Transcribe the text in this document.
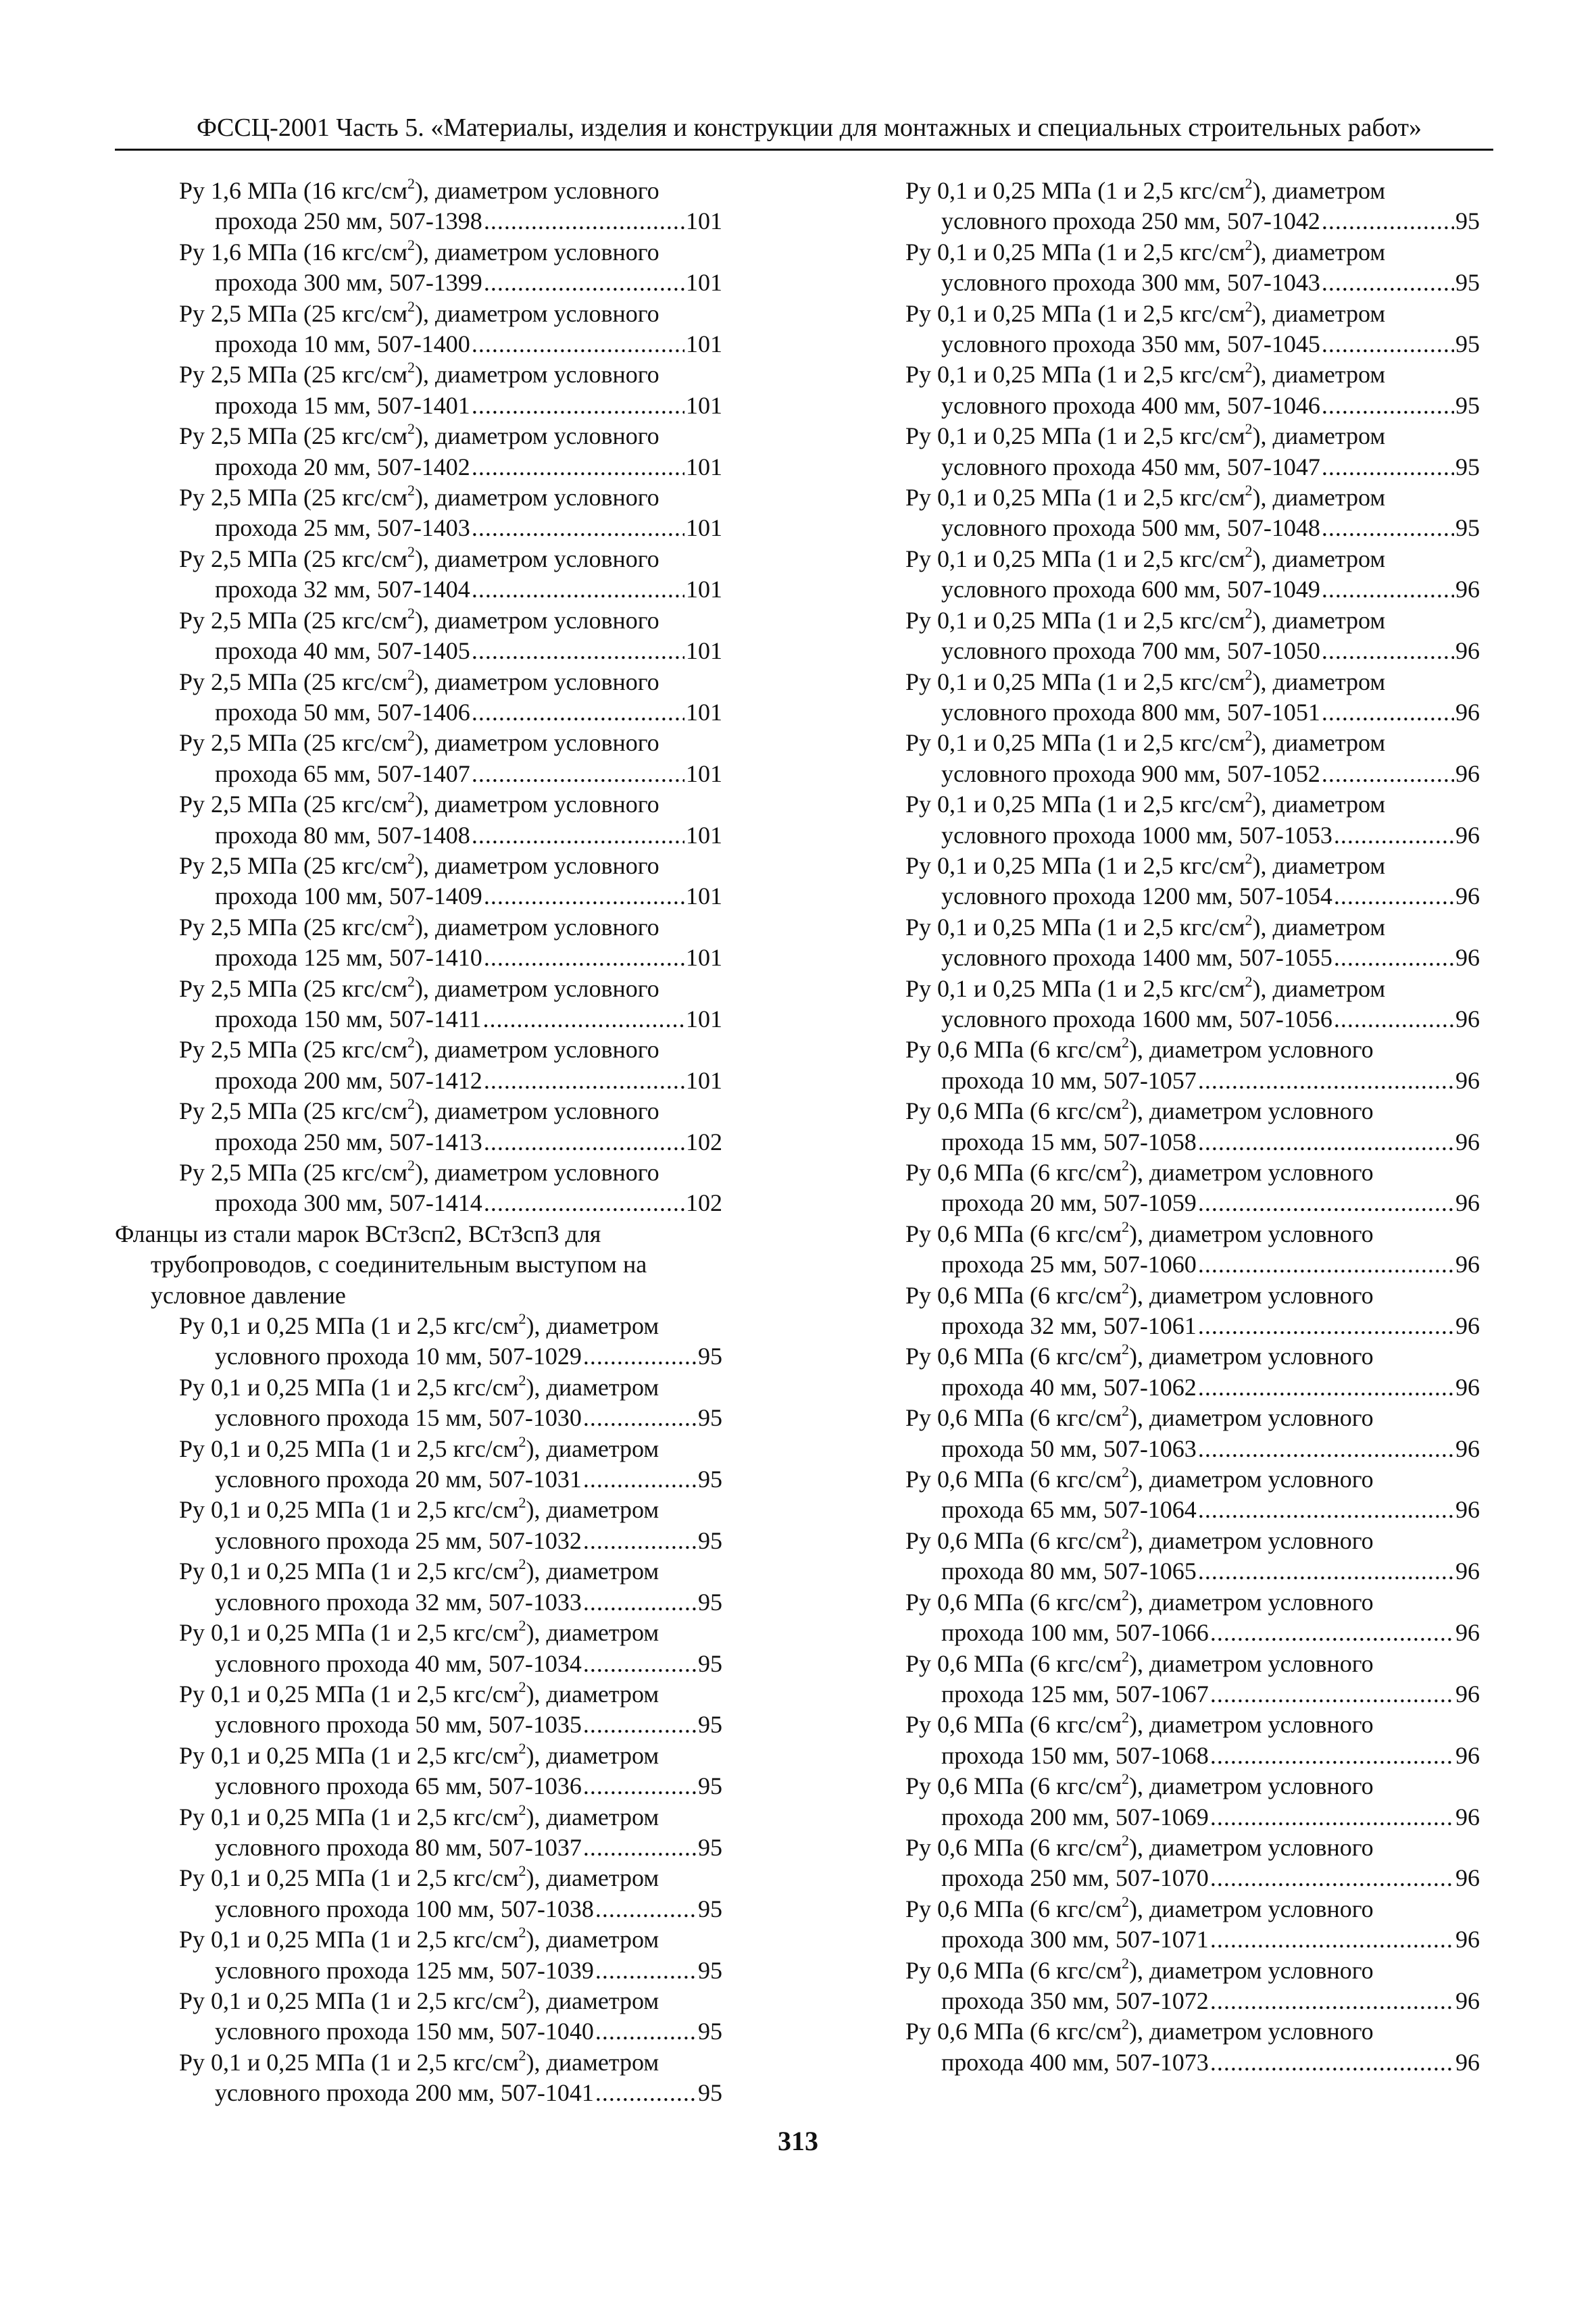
ФССЦ-2001 Часть 5. «Материалы, изделия и конструкции для монтажных и специальных строительных работ»
Ру 1,6 МПа (16 кгс/$см^2$), диаметром условного
прохода 250 мм, 507-1398 .....	101
Ру 1,6 МПа (16 кгс/$см^2$), диаметром условного
прохода 300 мм, 507-1399 .....	101
Ру 2,5 МПа (25 кгс/$см^2$), диаметром условного
прохода 10 мм, 507-1400 .....	101
Ру 2,5 МПа (25 кгс/$см^2$), диаметром условного
прохода 15 мм, 507-1401 .....	101
Ру 2,5 МПа (25 кгс/$см^2$), диаметром условного
прохода 20 мм, 507-1402 .....	101
Ру 2,5 МПа (25 кгс/$см^2$), диаметром условного
прохода 25 мм, 507-1403 .....	101
Ру 2,5 МПа (25 кгс/$см^2$), диаметром условного
прохода 32 мм, 507-1404 .....	101
Ру 2,5 МПа (25 кгс/$см^2$), диаметром условного
прохода 40 мм, 507-1405 .....	101
Ру 2,5 МПа (25 кгс/$см^2$), диаметром условного
прохода 50 мм, 507-1406 .....	101
Ру 2,5 МПа (25 кгс/$см^2$), диаметром условного
прохода 65 мм, 507-1407 .....	101
Ру 2,5 МПа (25 кгс/$см^2$), диаметром условного
прохода 80 мм, 507-1408 .....	101
Ру 2,5 МПа (25 кгс/$см^2$), диаметром условного
прохода 100 мм, 507-1409 .....	101
Ру 2,5 МПа (25 кгс/$см^2$), диаметром условного
прохода 125 мм, 507-1410 .....	101
Ру 2,5 МПа (25 кгс/$см^2$), диаметром условного
прохода 150 мм, 507-1411 .....	101
Ру 2,5 МПа (25 кгс/$см^2$), диаметром условного
прохода 200 мм, 507-1412 .....	101
Ру 2,5 МПа (25 кгс/$см^2$), диаметром условного
прохода 250 мм, 507-1413 .....	102
Ру 2,5 МПа (25 кгс/$см^2$), диаметром условного
прохода 300 мм, 507-1414 .....	102
Фланцы из стали марок ВСт3сп2, ВСт3сп3 для
трубопроводов, с соединительным выступом на
условное давление
Ру 0,1 и 0,25 МПа (1 и 2,5 кгс/$см^2$), диаметром
условного прохода 10 мм, 507-1029 .....	95
Ру 0,1 и 0,25 МПа (1 и 2,5 кгс/$см^2$), диаметром
условного прохода 15 мм, 507-1030 .....	95
Ру 0,1 и 0,25 МПа (1 и 2,5 кгс/$см^2$), диаметром
условного прохода 20 мм, 507-1031 .....	95
Ру 0,1 и 0,25 МПа (1 и 2,5 кгс/$см^2$), диаметром
условного прохода 25 мм, 507-1032 .....	95
Ру 0,1 и 0,25 МПа (1 и 2,5 кгс/$см^2$), диаметром
условного прохода 32 мм, 507-1033 .....	95
Ру 0,1 и 0,25 МПа (1 и 2,5 кгс/$см^2$), диаметром
условного прохода 40 мм, 507-1034 .....	95
Ру 0,1 и 0,25 МПа (1 и 2,5 кгс/$см^2$), диаметром
условного прохода 50 мм, 507-1035 .....	95
Ру 0,1 и 0,25 МПа (1 и 2,5 кгс/$см^2$), диаметром
условного прохода 65 мм, 507-1036 .....	95
Ру 0,1 и 0,25 МПа (1 и 2,5 кгс/$см^2$), диаметром
условного прохода 80 мм, 507-1037 .....	95
Ру 0,1 и 0,25 МПа (1 и 2,5 кгс/$см^2$), диаметром
условного прохода 100 мм, 507-1038 .....	95
Ру 0,1 и 0,25 МПа (1 и 2,5 кгс/$см^2$), диаметром
условного прохода 125 мм, 507-1039 .....	95
Ру 0,1 и 0,25 МПа (1 и 2,5 кгс/$см^2$), диаметром
условного прохода 150 мм, 507-1040 .....	95
Ру 0,1 и 0,25 МПа (1 и 2,5 кгс/$см^2$), диаметром
условного прохода 200 мм, 507-1041 .....	95
Ру 0,1 и 0,25 МПа (1 и 2,5 кгс/$см^2$), диаметром
условного прохода 250 мм, 507-1042 .....	95
Ру 0,1 и 0,25 МПа (1 и 2,5 кгс/$см^2$), диаметром
условного прохода 300 мм, 507-1043 .....	95
Ру 0,1 и 0,25 МПа (1 и 2,5 кгс/$см^2$), диаметром
условного прохода 350 мм, 507-1045 .....	95
Ру 0,1 и 0,25 МПа (1 и 2,5 кгс/$см^2$), диаметром
условного прохода 400 мм, 507-1046 .....	95
Ру 0,1 и 0,25 МПа (1 и 2,5 кгс/$см^2$), диаметром
условного прохода 450 мм, 507-1047 .....	95
Ру 0,1 и 0,25 МПа (1 и 2,5 кгс/$см^2$), диаметром
условного прохода 500 мм, 507-1048 .....	95
Ру 0,1 и 0,25 МПа (1 и 2,5 кгс/$см^2$), диаметром
условного прохода 600 мм, 507-1049 .....	96
Ру 0,1 и 0,25 МПа (1 и 2,5 кгс/$см^2$), диаметром
условного прохода 700 мм, 507-1050 .....	96
Ру 0,1 и 0,25 МПа (1 и 2,5 кгс/$см^2$), диаметром
условного прохода 800 мм, 507-1051 .....	96
Ру 0,1 и 0,25 МПа (1 и 2,5 кгс/$см^2$), диаметром
условного прохода 900 мм, 507-1052 .....	96
Ру 0,1 и 0,25 МПа (1 и 2,5 кгс/$см^2$), диаметром
условного прохода 1000 мм, 507-1053 .....	96
Ру 0,1 и 0,25 МПа (1 и 2,5 кгс/$см^2$), диаметром
условного прохода 1200 мм, 507-1054 .....	96
Ру 0,1 и 0,25 МПа (1 и 2,5 кгс/$см^2$), диаметром
условного прохода 1400 мм, 507-1055 .....	96
Ру 0,1 и 0,25 МПа (1 и 2,5 кгс/$см^2$), диаметром
условного прохода 1600 мм, 507-1056 .....	96
Ру 0,6 МПа (6 кгс/$см^2$), диаметром условного
прохода 10 мм, 507-1057 .....	96
Ру 0,6 МПа (6 кгс/$см^2$), диаметром условного
прохода 15 мм, 507-1058 .....	96
Ру 0,6 МПа (6 кгс/$см^2$), диаметром условного
прохода 20 мм, 507-1059 .....	96
Ру 0,6 МПа (6 кгс/$см^2$), диаметром условного
прохода 25 мм, 507-1060 .....	96
Ру 0,6 МПа (6 кгс/$см^2$), диаметром условного
прохода 32 мм, 507-1061 .....	96
Ру 0,6 МПа (6 кгс/$см^2$), диаметром условного
прохода 40 мм, 507-1062 .....	96
Ру 0,6 МПа (6 кгс/$см^2$), диаметром условного
прохода 50 мм, 507-1063 .....	96
Ру 0,6 МПа (6 кгс/$см^2$), диаметром условного
прохода 65 мм, 507-1064 .....	96
Ру 0,6 МПа (6 кгс/$см^2$), диаметром условного
прохода 80 мм, 507-1065 .....	96
Ру 0,6 МПа (6 кгс/$см^2$), диаметром условного
прохода 100 мм, 507-1066 .....	96
Ру 0,6 МПа (6 кгс/$см^2$), диаметром условного
прохода 125 мм, 507-1067 .....	96
Ру 0,6 МПа (6 кгс/$см^2$), диаметром условного
прохода 150 мм, 507-1068 .....	96
Ру 0,6 МПа (6 кгс/$см^2$), диаметром условного
прохода 200 мм, 507-1069 .....	96
Ру 0,6 МПа (6 кгс/$см^2$), диаметром условного
прохода 250 мм, 507-1070 .....	96
Ру 0,6 МПа (6 кгс/$см^2$), диаметром условного
прохода 300 мм, 507-1071 .....	96
Ру 0,6 МПа (6 кгс/$см^2$), диаметром условного
прохода 350 мм, 507-1072 .....	96
Ру 0,6 МПа (6 кгс/$см^2$), диаметром условного
прохода 400 мм, 507-1073 .....	96
313
